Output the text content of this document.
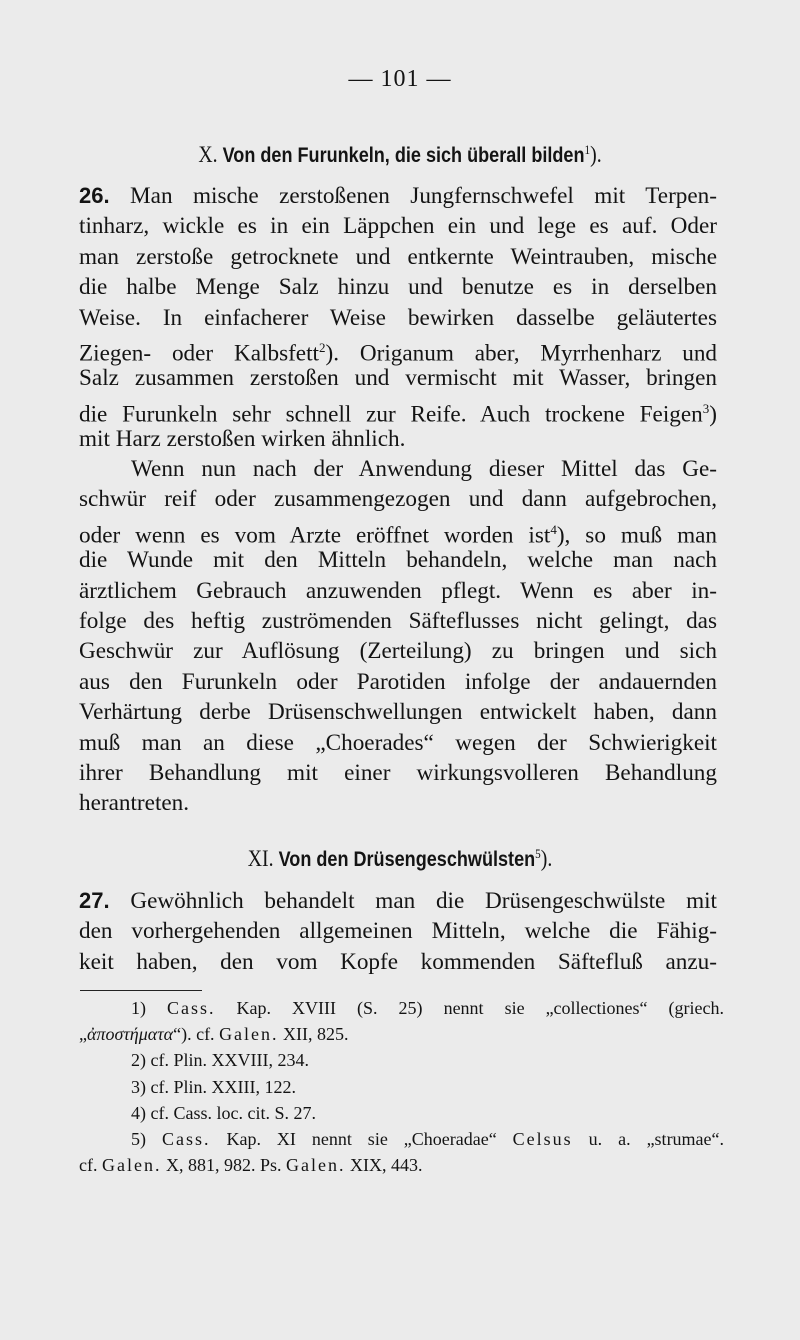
— 101 —
X. Von den Furunkeln, die sich überall bilden$^1$).
26. Man mische zerstoßenen Jungfernschwefel mit Terpen-
tinharz, wickle es in ein Läppchen ein und lege es auf. Oder
man zerstoße getrocknete und entkernte Weintrauben, mische
die halbe Menge Salz hinzu und benutze es in derselben
Weise. In einfacherer Weise bewirken dasselbe geläutertes
Ziegen- oder Kalbsfett$^2$). Origanum aber, Myrrhenharz und
Salz zusammen zerstoßen und vermischt mit Wasser, bringen
die Furunkeln sehr schnell zur Reife. Auch trockene Feigen$^3$)
mit Harz zerstoßen wirken ähnlich.
Wenn nun nach der Anwendung dieser Mittel das Ge-
schwür reif oder zusammengezogen und dann aufgebrochen,
oder wenn es vom Arzte eröffnet worden ist$^4$), so muß man
die Wunde mit den Mitteln behandeln, welche man nach
ärztlichem Gebrauch anzuwenden pflegt. Wenn es aber in-
folge des heftig zuströmenden Säfteflusses nicht gelingt, das
Geschwür zur Auflösung (Zerteilung) zu bringen und sich
aus den Furunkeln oder Parotiden infolge der andauernden
Verhärtung derbe Drüsenschwellungen entwickelt haben, dann
muß man an diese „Choerades“ wegen der Schwierigkeit
ihrer Behandlung mit einer wirkungsvolleren Behandlung
herantreten.
XI. Von den Drüsengeschwülsten$^5$).
27. Gewöhnlich behandelt man die Drüsengeschwülste mit
den vorhergehenden allgemeinen Mitteln, welche die Fähig-
keit haben, den vom Kopfe kommenden Säftefluß anzu-
1) Cass. Kap. XVIII (S. 25) nennt sie „collectiones“ (griech.
„ἀποστήματα“). cf. Galen. XII, 825.
2) cf. Plin. XXVIII, 234.
3) cf. Plin. XXIII, 122.
4) cf. Cass. loc. cit. S. 27.
5) Cass. Kap. XI nennt sie „Choeradae“ Celsus u. a. „strumae“.
cf. Galen. X, 881, 982. Ps. Galen. XIX, 443.
